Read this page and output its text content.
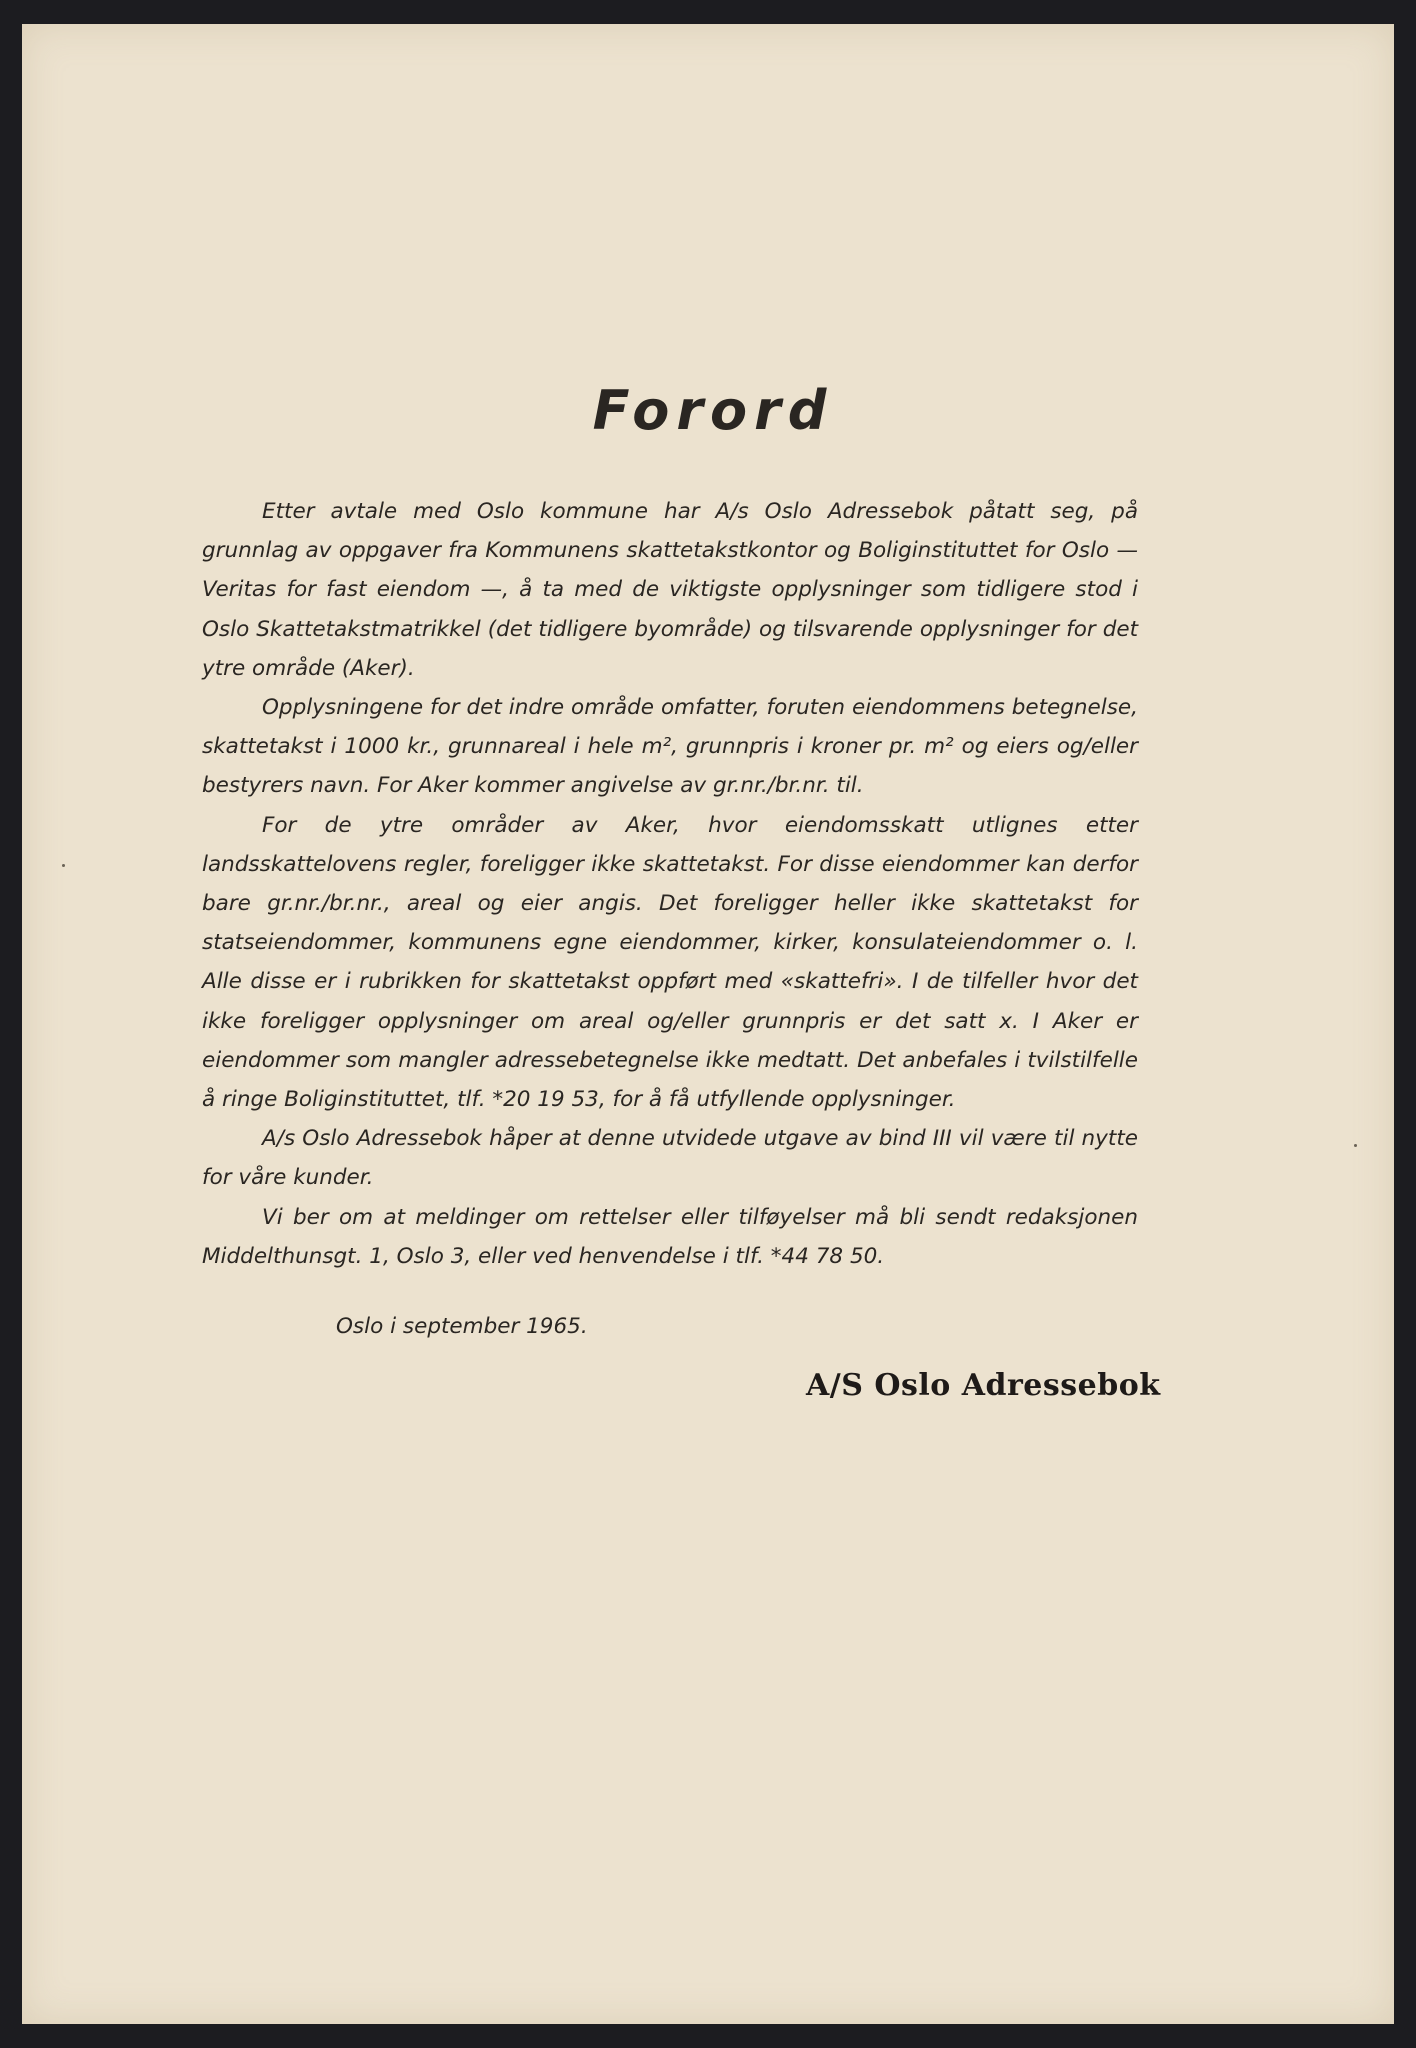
Forord

Etter avtale med Oslo kommune har A/s Oslo Adressebok påtatt seg, på grunnlag av oppgaver fra Kommunens skattetakstkontor og Boliginstituttet for Oslo — Veritas for fast eiendom —, å ta med de viktigste opplysninger som tidligere stod i Oslo Skattetakstmatrikkel (det tidligere byområde) og tilsvarende opplysninger for det ytre område (Aker).

Opplysningene for det indre område omfatter, foruten eiendommens betegnelse, skattetakst i 1000 kr., grunnareal i hele m², grunnpris i kroner pr. m² og eiers og/eller bestyrers navn. For Aker kommer angivelse av gr.nr./br.nr. til.

For de ytre områder av Aker, hvor eiendomsskatt utlignes etter landsskattelovens regler, foreligger ikke skattetakst. For disse eiendommer kan derfor bare gr.nr./br.nr., areal og eier angis. Det foreligger heller ikke skattetakst for statseiendommer, kommunens egne eiendommer, kirker, konsulateiendommer o. l. Alle disse er i rubrikken for skattetakst oppført med «skattefri». I de tilfeller hvor det ikke foreligger opplysninger om areal og/eller grunnpris er det satt x. I Aker er eiendommer som mangler adressebetegnelse ikke medtatt. Det anbefales i tvilstilfelle å ringe Boliginstituttet, tlf. *20 19 53, for å få utfyllende opplysninger.

A/s Oslo Adressebok håper at denne utvidede utgave av bind III vil være til nytte for våre kunder.

Vi ber om at meldinger om rettelser eller tilføyelser må bli sendt redaksjonen Middelthunsgt. 1, Oslo 3, eller ved henvendelse i tlf. *44 78 50.

Oslo i september 1965.

A/S Oslo Adressebok
